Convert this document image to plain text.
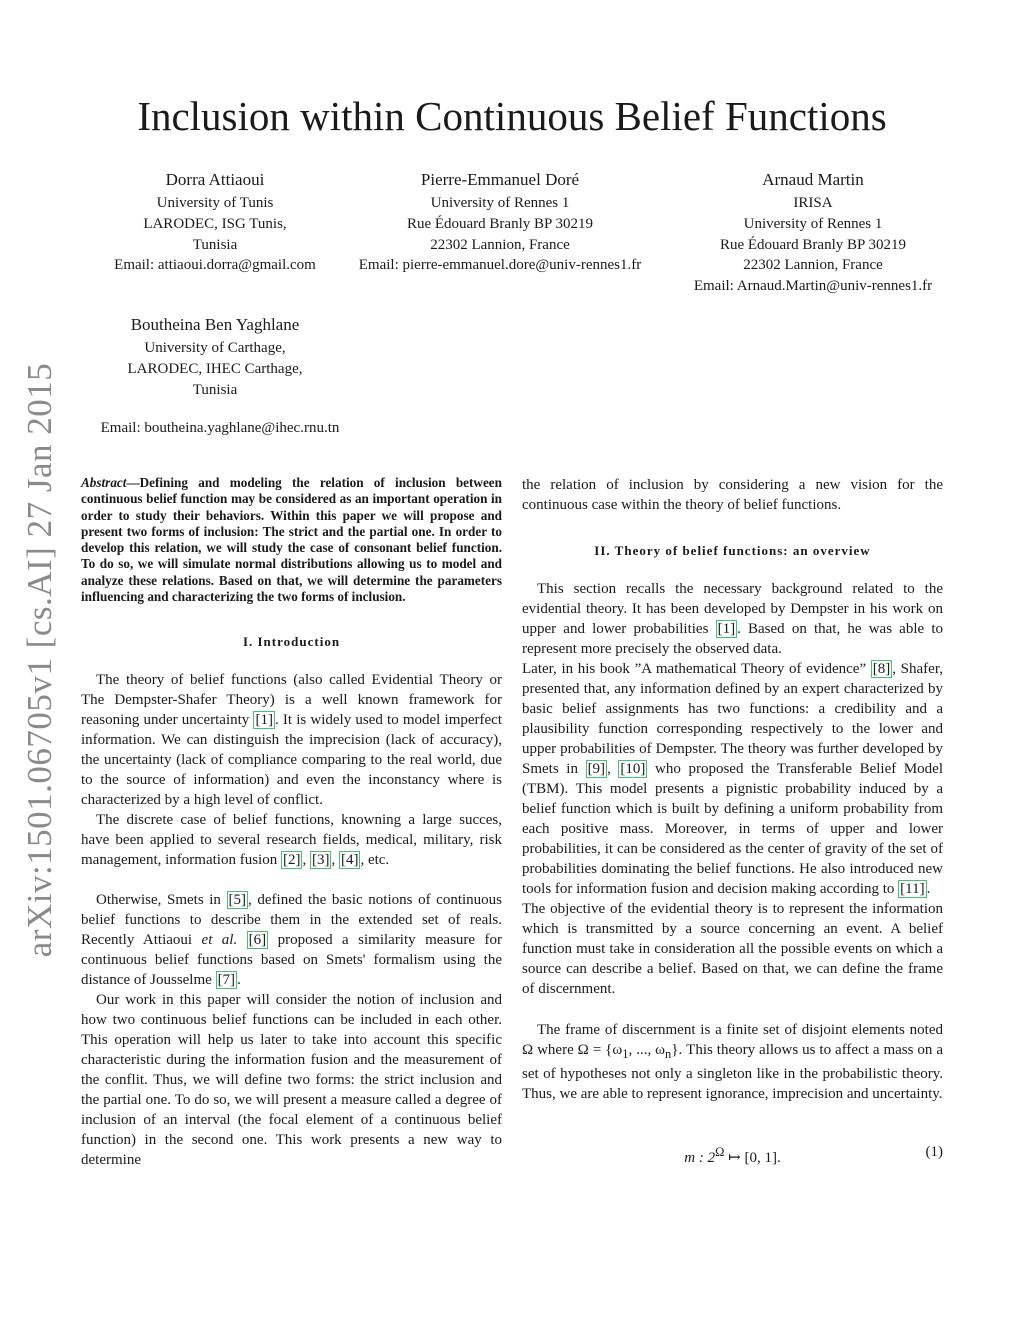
arXiv:1501.06705v1 [cs.AI] 27 Jan 2015
Inclusion within Continuous Belief Functions
Dorra Attiaoui
University of Tunis
LARODEC, ISG Tunis,
Tunisia
Email: attiaoui.dorra@gmail.com
Pierre-Emmanuel Doré
University of Rennes 1
Rue Édouard Branly BP 30219
22302 Lannion, France
Email: pierre-emmanuel.dore@univ-rennes1.fr
Arnaud Martin
IRISA
University of Rennes 1
Rue Édouard Branly BP 30219
22302 Lannion, France
Email: Arnaud.Martin@univ-rennes1.fr
Boutheina Ben Yaghlane
University of Carthage,
LARODEC, IHEC Carthage,
Tunisia
Email: boutheina.yaghlane@ihec.rnu.tn

Abstract—Defining and modeling the relation of inclusion between continuous belief function may be considered as an important operation in order to study their behaviors. Within this paper we will propose and present two forms of inclusion: The strict and the partial one. In order to develop this relation, we will study the case of consonant belief function. To do so, we will simulate normal distributions allowing us to model and analyze these relations. Based on that, we will determine the parameters influencing and characterizing the two forms of inclusion.

I. Introduction

The theory of belief functions (also called Evidential Theory or The Dempster-Shafer Theory) is a well known framework for reasoning under uncertainty [1] . It is widely used to model imperfect information. We can distinguish the imprecision (lack of accuracy), the uncertainty (lack of compliance comparing to the real world, due to the source of information) and even the inconstancy where is characterized by a high level of conflict.

The discrete case of belief functions, knowning a large succes, have been applied to several research fields, medical, military, risk management, information fusion [2] , [3] , [4] , etc.

Otherwise, Smets in [5] , defined the basic notions of continuous belief functions to describe them in the extended set of reals. Recently Attiaoui et al. [6] proposed a similarity measure for continuous belief functions based on Smets' formalism using the distance of Jousselme [7] .

Our work in this paper will consider the notion of inclusion and how two continuous belief functions can be included in each other. This operation will help us later to take into account this specific characteristic during the information fusion and the measurement of the conflit. Thus, we will define two forms: the strict inclusion and the partial one. To do so, we will present a measure called a degree of inclusion of an interval (the focal element of a continuous belief function) in the second one. This work presents a new way to determine

the relation of inclusion by considering a new vision for the continuous case within the theory of belief functions.

II. Theory of belief functions: an overview

This section recalls the necessary background related to the evidential theory. It has been developed by Dempster in his work on upper and lower probabilities [1] . Based on that, he was able to represent more precisely the observed data.

Later, in his book ”A mathematical Theory of evidence” [8] , Shafer, presented that, any information defined by an expert characterized by basic belief assignments has two functions: a credibility and a plausibility function corresponding respectively to the lower and upper probabilities of Dempster. The theory was further developed by Smets in [9] , [10] who proposed the Transferable Belief Model (TBM). This model presents a pignistic probability induced by a belief function which is built by defining a uniform probability from each positive mass. Moreover, in terms of upper and lower probabilities, it can be considered as the center of gravity of the set of probabilities dominating the belief functions. He also introduced new tools for information fusion and decision making according to [11] .

The objective of the evidential theory is to represent the information which is transmitted by a source concerning an event. A belief function must take in consideration all the possible events on which a source can describe a belief. Based on that, we can define the frame of discernment.

The frame of discernment is a finite set of disjoint elements noted Ω where $\Omega = \{\omega_1$, ..., $\omega_n$}. This theory allows us to affect a mass on a set of hypotheses not only a singleton like in the probabilistic theory. Thus, we are able to represent ignorance, imprecision and uncertainty.

m : $2^\Omega$ ↦ [0, 1].	(1)
